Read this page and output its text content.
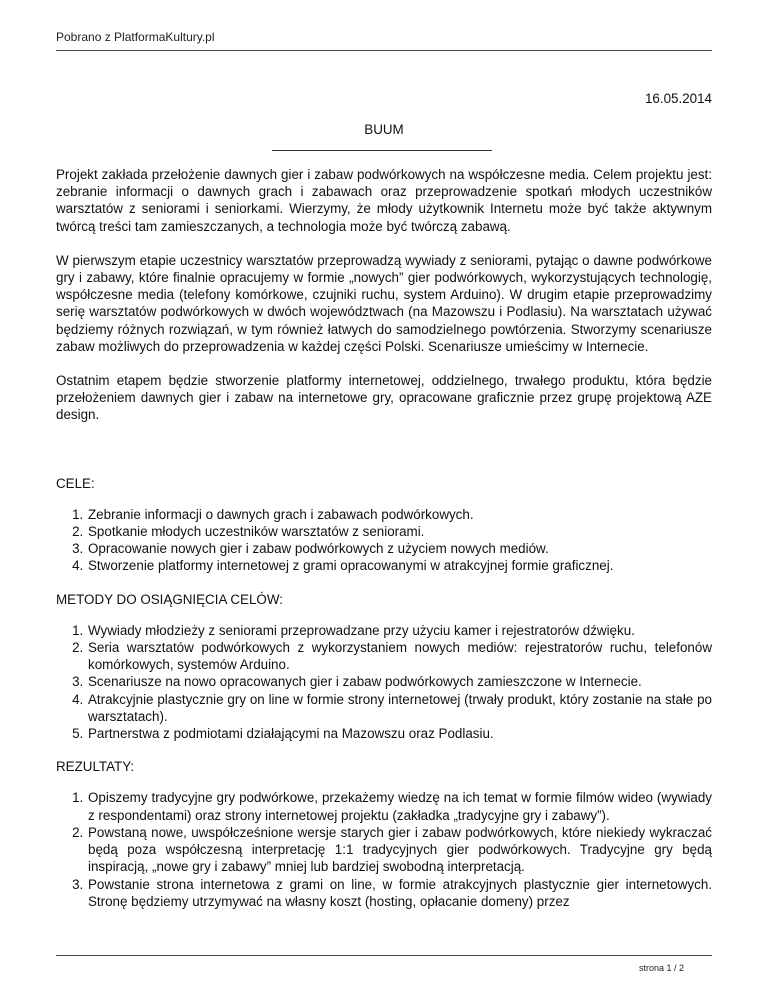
Pobrano z PlatformaKultury.pl
16.05.2014
BUUM

Projekt zakłada przełożenie dawnych gier i zabaw podwórkowych na współczesne media. Celem projektu jest: zebranie informacji o dawnych grach i zabawach oraz przeprowadzenie spotkań młodych uczestników warsztatów z seniorami i seniorkami. Wierzymy, że młody użytkownik Internetu może być także aktywnym twórcą treści tam zamieszczanych, a technologia może być twórczą zabawą.

W pierwszym etapie uczestnicy warsztatów przeprowadzą wywiady z seniorami, pytając o dawne podwórkowe gry i zabawy, które finalnie opracujemy w formie „nowych” gier podwórkowych, wykorzystujących technologię, współczesne media (telefony komórkowe, czujniki ruchu, system Arduino). W drugim etapie przeprowadzimy serię warsztatów podwórkowych w dwóch województwach (na Mazowszu i Podlasiu). Na warsztatach używać będziemy różnych rozwiązań, w tym również łatwych do samodzielnego powtórzenia. Stworzymy scenariusze zabaw możliwych do przeprowadzenia w każdej części Polski. Scenariusze umieścimy w Internecie.

Ostatnim etapem będzie stworzenie platformy internetowej, oddzielnego, trwałego produktu, która będzie przełożeniem dawnych gier i zabaw na internetowe gry, opracowane graficznie przez grupę projektową AZE design.

CELE:
1. Zebranie informacji o dawnych grach i zabawach podwórkowych.
2. Spotkanie młodych uczestników warsztatów z seniorami.
3. Opracowanie nowych gier i zabaw podwórkowych z użyciem nowych mediów.
4. Stworzenie platformy internetowej z grami opracowanymi w atrakcyjnej formie graficznej.
METODY DO OSIĄGNIĘCIA CELÓW:
1. Wywiady młodzieży z seniorami przeprowadzane przy użyciu kamer i rejestratorów dźwięku.
2. Seria warsztatów podwórkowych z wykorzystaniem nowych mediów: rejestratorów ruchu, telefonów komórkowych, systemów Arduino.
3. Scenariusze na nowo opracowanych gier i zabaw podwórkowych zamieszczone w Internecie.
4. Atrakcyjnie plastycznie gry on line w formie strony internetowej (trwały produkt, który zostanie na stałe po warsztatach).
5. Partnerstwa z podmiotami działającymi na Mazowszu oraz Podlasiu.
REZULTATY:
1. Opiszemy tradycyjne gry podwórkowe, przekażemy wiedzę na ich temat w formie filmów wideo (wywiady z respondentami) oraz strony internetowej projektu (zakładka „tradycyjne gry i zabawy”).
2. Powstaną nowe, uwspółcześnione wersje starych gier i zabaw podwórkowych, które niekiedy wykraczać będą poza współczesną interpretację 1:1 tradycyjnych gier podwórkowych. Tradycyjne gry będą inspiracją, „nowe gry i zabawy” mniej lub bardziej swobodną interpretacją.
3. Powstanie strona internetowa z grami on line, w formie atrakcyjnych plastycznie gier internetowych. Stronę będziemy utrzymywać na własny koszt (hosting, opłacanie domeny) przez
strona 1 / 2
